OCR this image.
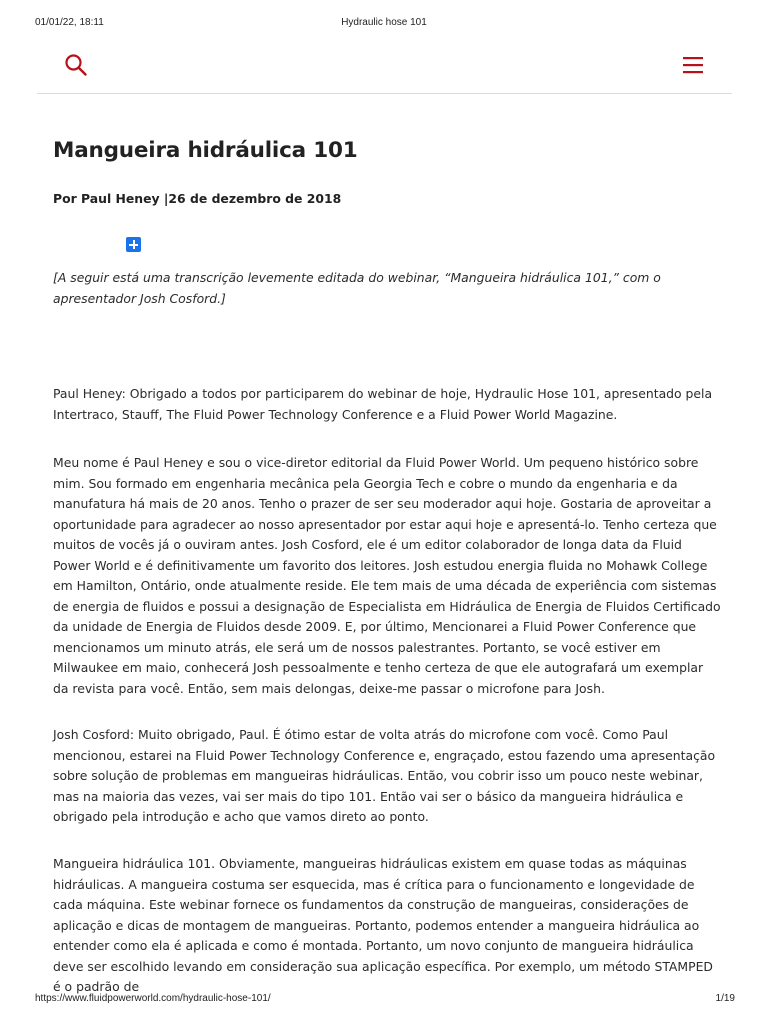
01/01/22, 18:11	Hydraulic hose 101
Mangueira hidráulica 101
Por Paul Heney |26 de dezembro de 2018

[A seguir está uma transcrição levemente editada do webinar, “Mangueira hidráulica 101,” com o apresentador Josh Cosford.]

Paul Heney: Obrigado a todos por participarem do webinar de hoje, Hydraulic Hose 101, apresentado pela Intertraco, Stauff, The Fluid Power Technology Conference e a Fluid Power World Magazine.

Meu nome é Paul Heney e sou o vice-diretor editorial da Fluid Power World. Um pequeno histórico sobre mim. Sou formado em engenharia mecânica pela Georgia Tech e cobre o mundo da engenharia e da manufatura há mais de 20 anos. Tenho o prazer de ser seu moderador aqui hoje. Gostaria de aproveitar a oportunidade para agradecer ao nosso apresentador por estar aqui hoje e apresentá-lo. Tenho certeza que muitos de vocês já o ouviram antes. Josh Cosford, ele é um editor colaborador de longa data da Fluid Power World e é definitivamente um favorito dos leitores. Josh estudou energia fluida no Mohawk College em Hamilton, Ontário, onde atualmente reside. Ele tem mais de uma década de experiência com sistemas de energia de fluidos e possui a designação de Especialista em Hidráulica de Energia de Fluidos Certificado da unidade de Energia de Fluidos desde 2009. E, por último, Mencionarei a Fluid Power Conference que mencionamos um minuto atrás, ele será um de nossos palestrantes. Portanto, se você estiver em Milwaukee em maio, conhecerá Josh pessoalmente e tenho certeza de que ele autografará um exemplar da revista para você. Então, sem mais delongas, deixe-me passar o microfone para Josh.

Josh Cosford: Muito obrigado, Paul. É ótimo estar de volta atrás do microfone com você. Como Paul mencionou, estarei na Fluid Power Technology Conference e, engraçado, estou fazendo uma apresentação sobre solução de problemas em mangueiras hidráulicas. Então, vou cobrir isso um pouco neste webinar, mas na maioria das vezes, vai ser mais do tipo 101. Então vai ser o básico da mangueira hidráulica e obrigado pela introdução e acho que vamos direto ao ponto.

Mangueira hidráulica 101. Obviamente, mangueiras hidráulicas existem em quase todas as máquinas hidráulicas. A mangueira costuma ser esquecida, mas é crítica para o funcionamento e longevidade de cada máquina. Este webinar fornece os fundamentos da construção de mangueiras, considerações de aplicação e dicas de montagem de mangueiras. Portanto, podemos entender a mangueira hidráulica ao entender como ela é aplicada e como é montada. Portanto, um novo conjunto de mangueira hidráulica deve ser escolhido levando em consideração sua aplicação específica. Por exemplo, um método STAMPED é o padrão de

https://www.fluidpowerworld.com/hydraulic-hose-101/	1/19
